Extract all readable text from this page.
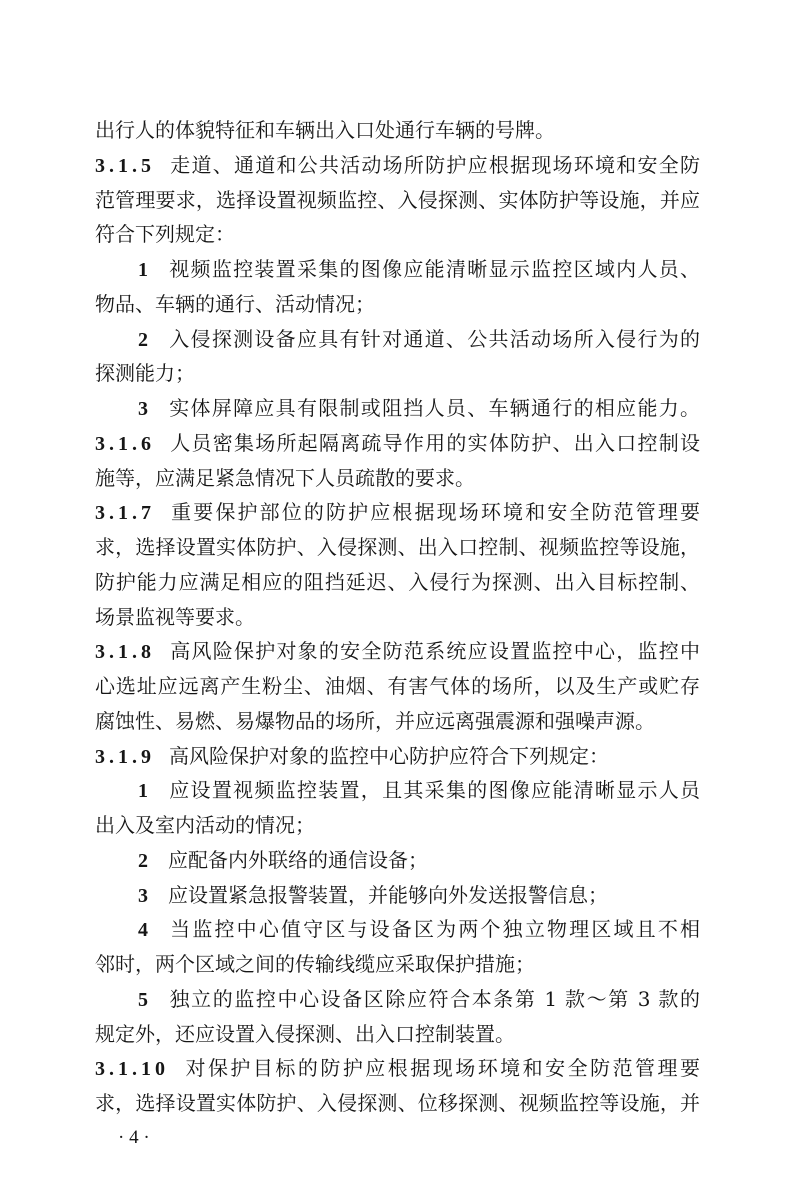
出行人的体貌特征和车辆出入口处通行车辆的号牌。
3.1.5 走道、通道和公共活动场所防护应根据现场环境和安全防
范管理要求，选择设置视频监控、入侵探测、实体防护等设施，并应
符合下列规定：
1 视频监控装置采集的图像应能清晰显示监控区域内人员、
物品、车辆的通行、活动情况；
2 入侵探测设备应具有针对通道、公共活动场所入侵行为的
探测能力；
3 实体屏障应具有限制或阻挡人员、车辆通行的相应能力。
3.1.6 人员密集场所起隔离疏导作用的实体防护、出入口控制设
施等，应满足紧急情况下人员疏散的要求。
3.1.7 重要保护部位的防护应根据现场环境和安全防范管理要
求，选择设置实体防护、入侵探测、出入口控制、视频监控等设施，
防护能力应满足相应的阻挡延迟、入侵行为探测、出入目标控制、
场景监视等要求。
3.1.8 高风险保护对象的安全防范系统应设置监控中心，监控中
心选址应远离产生粉尘、油烟、有害气体的场所，以及生产或贮存
腐蚀性、易燃、易爆物品的场所，并应远离强震源和强噪声源。
3.1.9 高风险保护对象的监控中心防护应符合下列规定：
1 应设置视频监控装置，且其采集的图像应能清晰显示人员
出入及室内活动的情况；
2 应配备内外联络的通信设备；
3 应设置紧急报警装置，并能够向外发送报警信息；
4 当监控中心值守区与设备区为两个独立物理区域且不相
邻时，两个区域之间的传输线缆应采取保护措施；
5 独立的监控中心设备区除应符合本条第 1 款～第 3 款的
规定外，还应设置入侵探测、出入口控制装置。
3.1.10 对保护目标的防护应根据现场环境和安全防范管理要
求，选择设置实体防护、入侵探测、位移探测、视频监控等设施，并
· 4 ·
